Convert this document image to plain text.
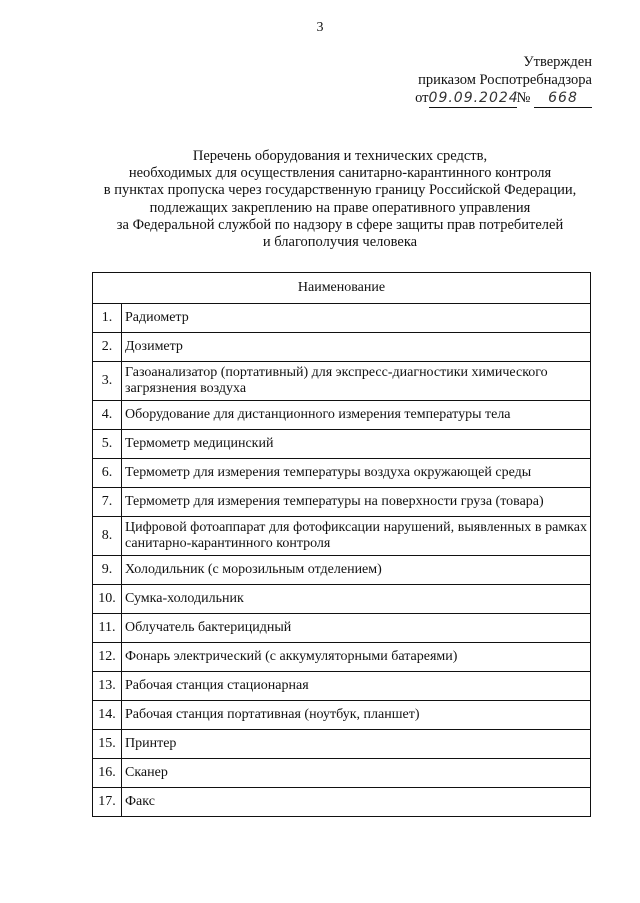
3
Утвержден
приказом Роспотребнадзора
от09.09.2024№ 668
Перечень оборудования и технических средств,
необходимых для осуществления санитарно-карантинного контроля
в пунктах пропуска через государственную границу Российской Федерации,
подлежащих закреплению на праве оперативного управления
за Федеральной службой по надзору в сфере защиты прав потребителей
и благополучия человека
Наименование	
1.	Радиометр
2.	Дозиметр
3.	Газоанализатор (портативный) для экспресс-диагностики химического загрязнения воздуха
4.	Оборудование для дистанционного измерения температуры тела
5.	Термометр медицинский
6.	Термометр для измерения температуры воздуха окружающей среды
7.	Термометр для измерения температуры на поверхности груза (товара)
8.	Цифровой фотоаппарат для фотофиксации нарушений, выявленных в рамках санитарно-карантинного контроля
9.	Холодильник (с морозильным отделением)
10.	Сумка-холодильник
11.	Облучатель бактерицидный
12.	Фонарь электрический (с аккумуляторными батареями)
13.	Рабочая станция стационарная
14.	Рабочая станция портативная (ноутбук, планшет)
15.	Принтер
16.	Сканер
17.	Факс
